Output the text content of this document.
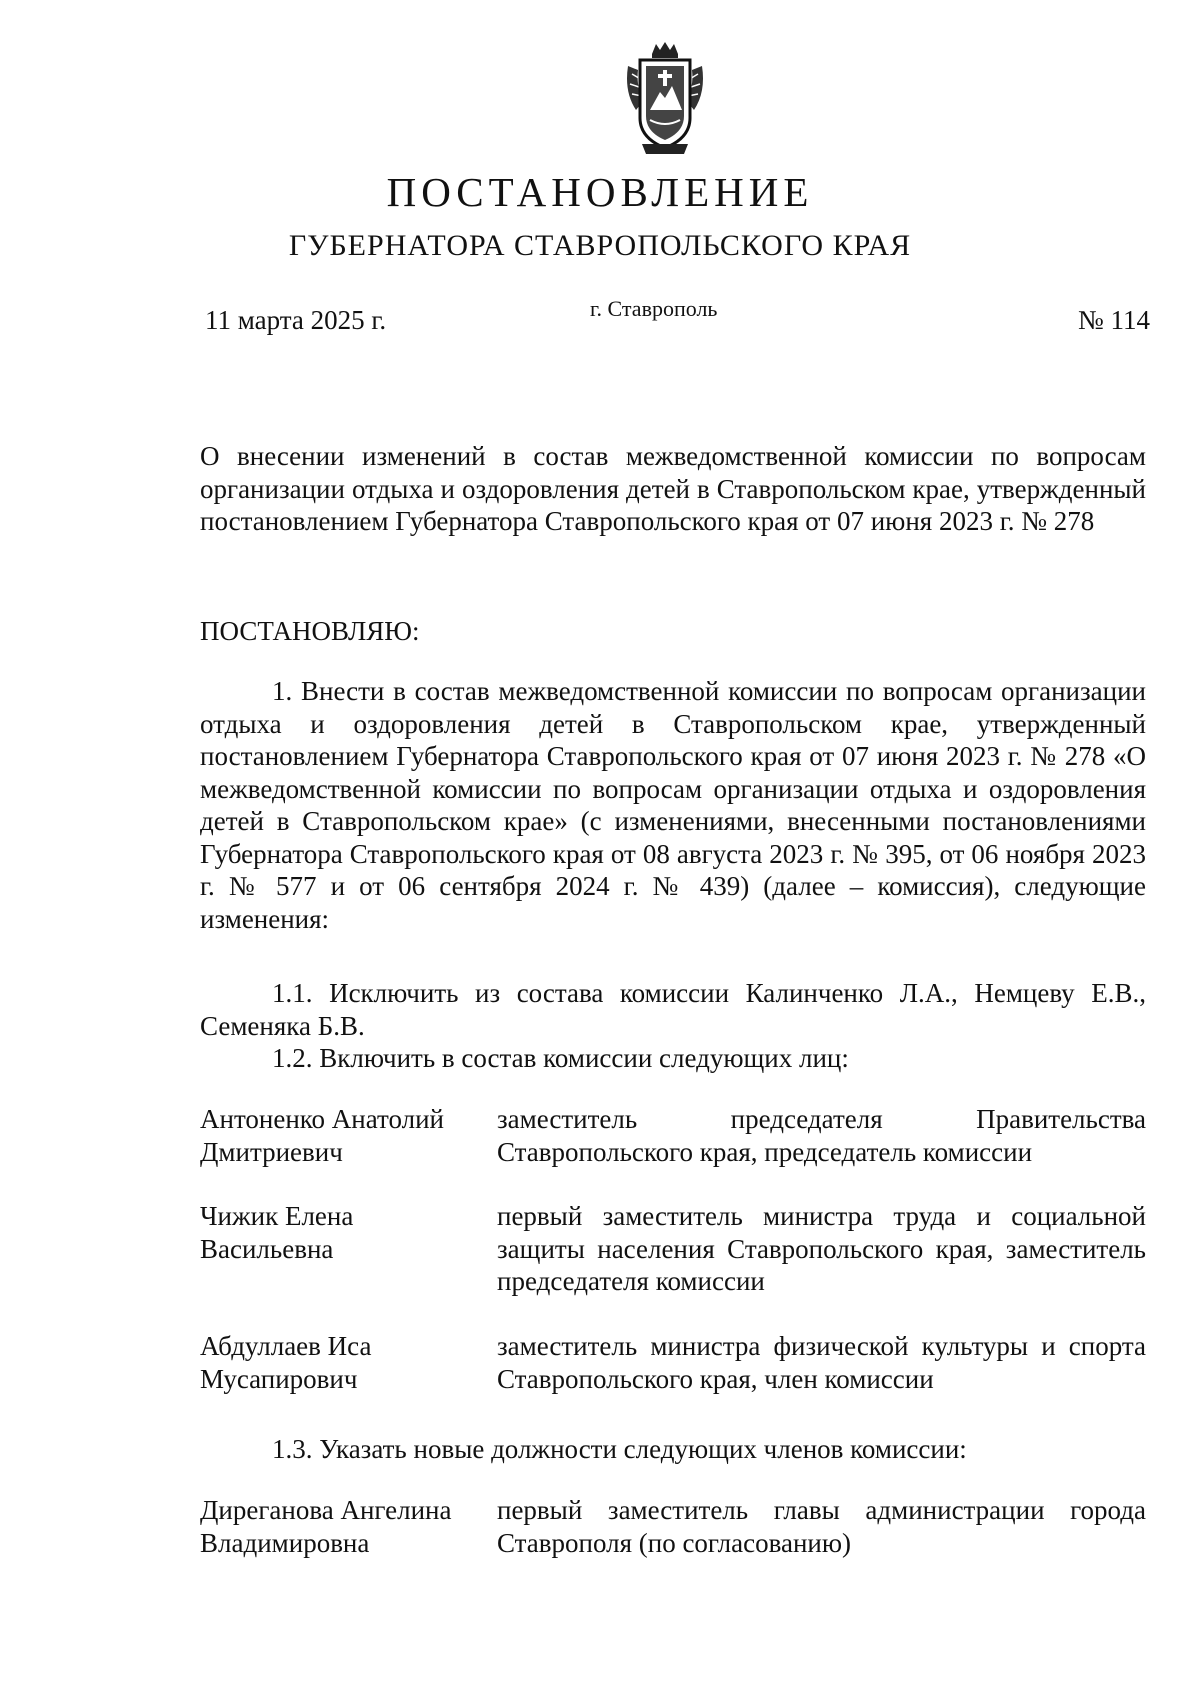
ПОСТАНОВЛЕНИЕ
ГУБЕРНАТОРА СТАВРОПОЛЬСКОГО КРАЯ
11 марта 2025 г.	г. Ставрополь	№ 114
О внесении изменений в состав межведомственной комиссии по вопросам организации отдыха и оздоровления детей в Ставропольском крае, утвержденный постановлением Губернатора Ставропольского края от 07 июня 2023 г. № 278
ПОСТАНОВЛЯЮ:
1. Внести в состав межведомственной комиссии по вопросам организации отдыха и оздоровления детей в Ставропольском крае, утвержденный постановлением Губернатора Ставропольского края от 07 июня 2023 г. № 278 «О межведомственной комиссии по вопросам организации отдыха и оздоровления детей в Ставропольском крае» (с изменениями, внесенными постановлениями Губернатора Ставропольского края от 08 августа 2023 г. № 395, от 06 ноября 2023 г. № 577 и от 06 сентября 2024 г. № 439) (далее – комиссия), следующие изменения:
1.1. Исключить из состава комиссии Калинченко Л.А., Немцеву Е.В., Семеняка Б.В.
1.2. Включить в состав комиссии следующих лиц:
Антоненко Анатолий Дмитриевич
заместитель председателя Правительства Ставропольского края, председатель комиссии
Чижик Елена Васильевна
первый заместитель министра труда и социальной защиты населения Ставропольского края, заместитель председателя комиссии
Абдуллаев Иса Мусапирович
заместитель министра физической культуры и спорта Ставропольского края, член комиссии
1.3. Указать новые должности следующих членов комиссии:
Диреганова Ангелина Владимировна
первый заместитель главы администрации города Ставрополя (по согласованию)
